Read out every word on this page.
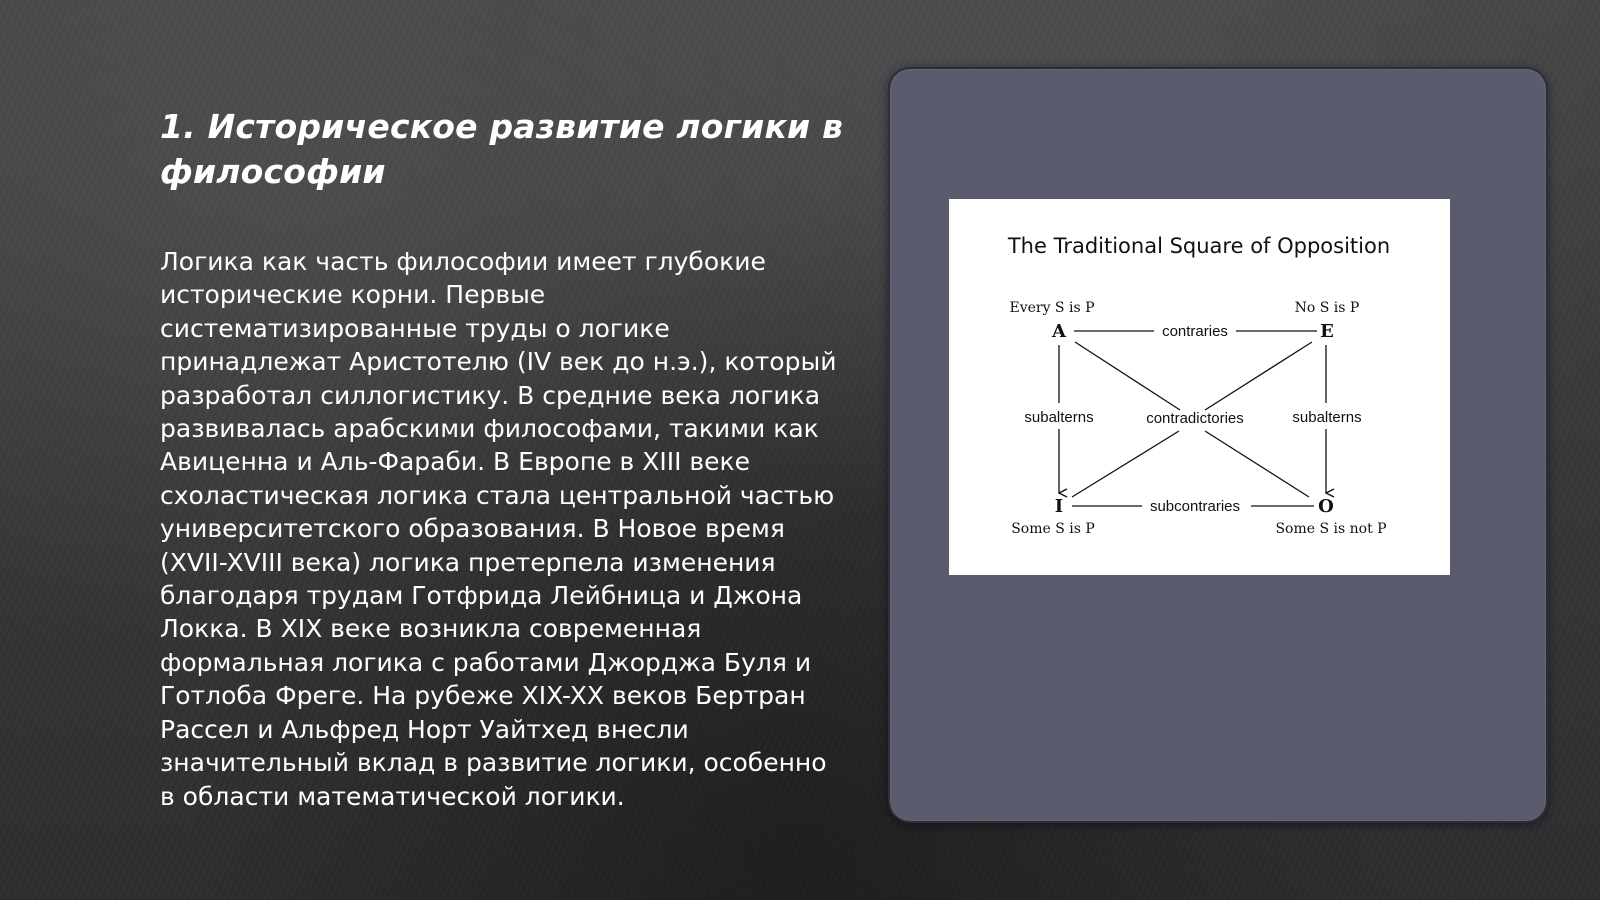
1. Историческое развитие логики в философии

Логика как часть философии имеет глубокие исторические корни. Первые систематизированные труды о логике принадлежат Аристотелю (IV век до н.э.), который разработал силлогистику. В средние века логика развивалась арабскими философами, такими как Авиценна и Аль-Фараби. В Европе в XIII веке схоластическая логика стала центральной частью университетского образования. В Новое время (XVII-XVIII века) логика претерпела изменения благодаря трудам Готфрида Лейбница и Джона Локка. В XIX веке возникла современная формальная логика с работами Джорджа Буля и Готлоба Фреге. На рубеже XIX-XX веков Бертран Рассел и Альфред Норт Уайтхед внесли значительный вклад в развитие логики, особенно в области математической логики.

The Traditional Square of Opposition
Every S is P	No S is P
Some S is P	Some S is not P
A	E
I	O
contraries
subcontraries
subalterns	subalterns
contradictories
